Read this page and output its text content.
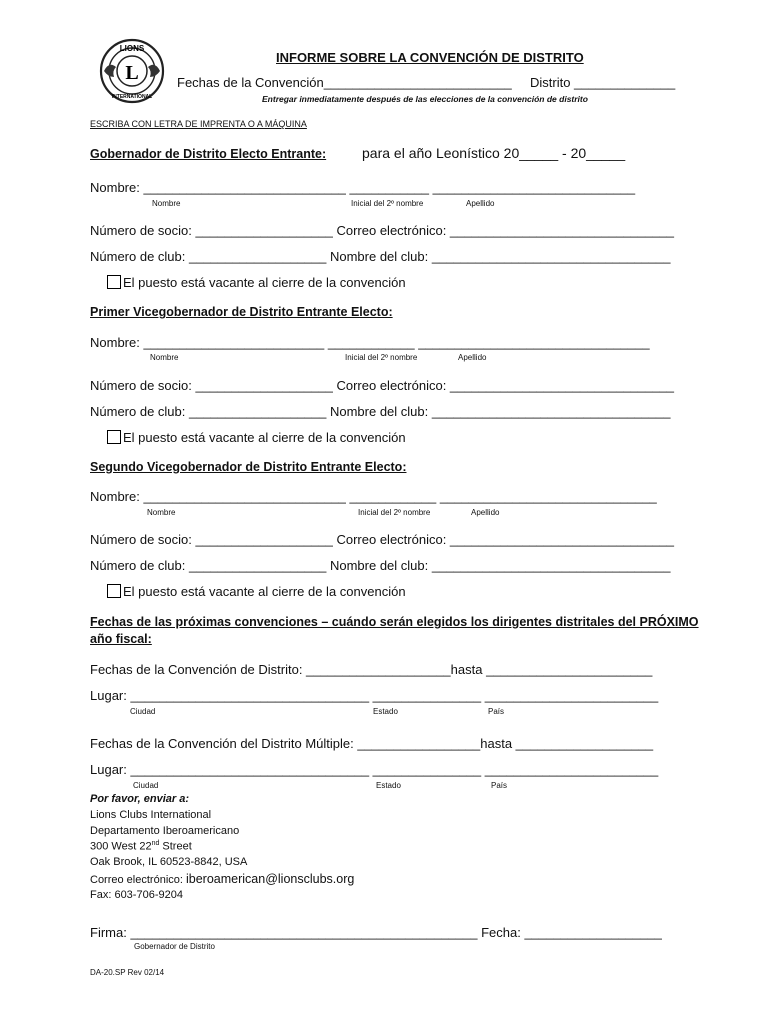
LIONS
INTERNATIONAL
L
INFORME SOBRE LA CONVENCIÓN DE DISTRITO
Fechas de la Convención__________________________ Distrito ______________
Entregar inmediatamente después de las elecciones de la convención de distrito
ESCRIBA CON LETRA DE IMPRENTA O A MÁQUINA
Gobernador de Distrito Electo Entrante:	para el año Leonístico 20_____ - 20_____
Nombre: ____________________________ ___________ ____________________________
Nombre	Inicial del 2º nombre	Apellido
Número de socio: ___________________ Correo electrónico: _______________________________
Número de club: ___________________ Nombre del club: _________________________________
El puesto está vacante al cierre de la convención
Primer Vicegobernador de Distrito Entrante Electo:
Nombre: _________________________ ____________ ________________________________
Nombre	Inicial del 2º nombre	Apellido
Número de socio: ___________________ Correo electrónico: _______________________________
Número de club: ___________________ Nombre del club: _________________________________
El puesto está vacante al cierre de la convención
Segundo Vicegobernador de Distrito Entrante Electo:
Nombre: ____________________________ ____________ ______________________________
Nombre	Inicial del 2º nombre	Apellido
Número de socio: ___________________ Correo electrónico: _______________________________
Número de club: ___________________ Nombre del club: _________________________________
El puesto está vacante al cierre de la convención
Fechas de las próximas convenciones – cuándo serán elegidos los dirigentes distritales del PRÓXIMO
año fiscal:
Fechas de la Convención de Distrito: ____________________hasta _______________________
Lugar: _________________________________ _______________ ________________________
Ciudad	Estado	País
Fechas de la Convención del Distrito Múltiple: _________________hasta ___________________
Lugar: _________________________________ _______________ ________________________
Ciudad	Estado	País
Por favor, enviar a:
Lions Clubs International
Departamento Iberoamericano
300 West 22nd Street
Oak Brook, IL 60523-8842, USA
Correo electrónico: iberoamerican@lionsclubs.org
Fax: 603-706-9204
Firma: ________________________________________________ Fecha: ___________________
Gobernador de Distrito
DA-20.SP Rev 02/14
